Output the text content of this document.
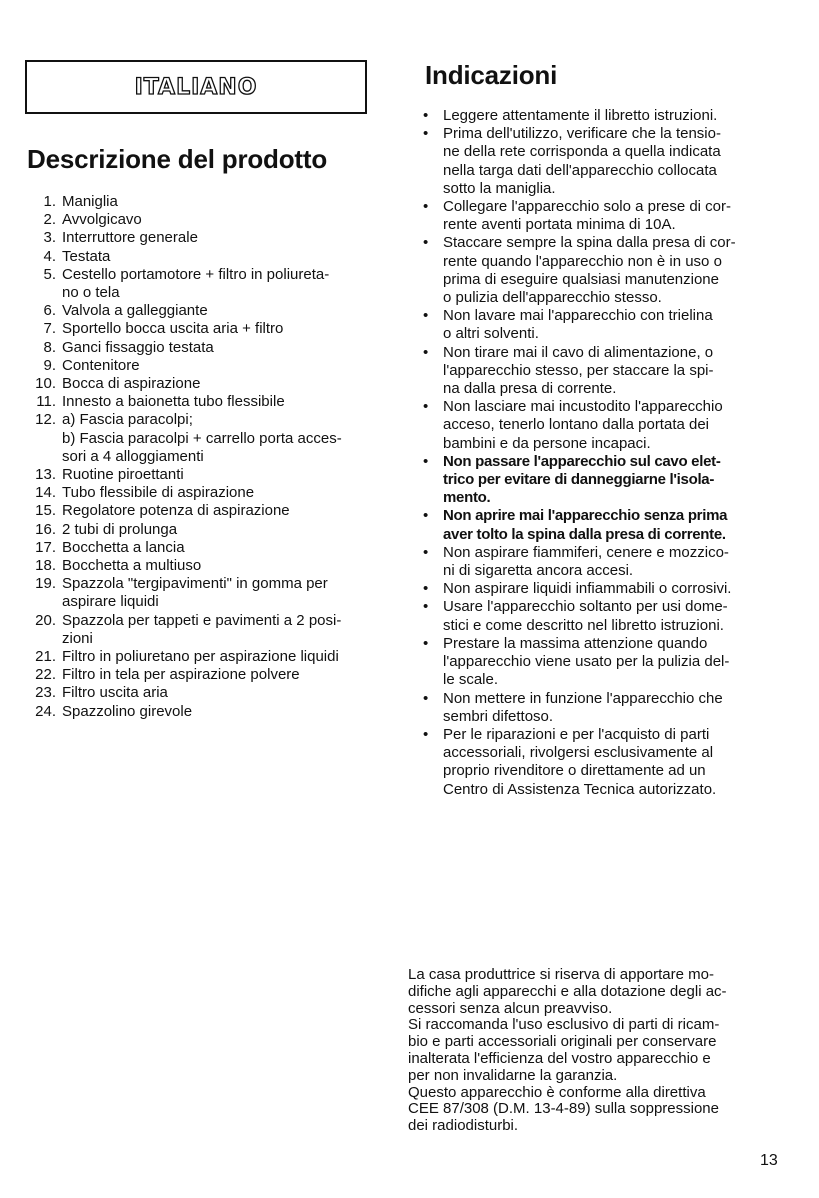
ITALIANO
Descrizione del prodotto
1. Maniglia
2. Avvolgicavo
3. Interruttore generale
4. Testata
5. Cestello portamotore + filtro in poliureta-
no o tela
6. Valvola a galleggiante
7. Sportello bocca uscita aria + filtro
8. Ganci fissaggio testata
9. Contenitore
10. Bocca di aspirazione
11. Innesto a baionetta tubo flessibile
12. a) Fascia paracolpi;
b) Fascia paracolpi + carrello porta acces-
sori a 4 alloggiamenti
13. Ruotine piroettanti
14. Tubo flessibile di aspirazione
15. Regolatore potenza di aspirazione
16. 2 tubi di prolunga
17. Bocchetta a lancia
18. Bocchetta a multiuso
19. Spazzola "tergipavimenti" in gomma per
aspirare liquidi
20. Spazzola per tappeti e pavimenti a 2 posi-
zioni
21. Filtro in poliuretano per aspirazione liquidi
22. Filtro in tela per aspirazione polvere
23. Filtro uscita aria
24. Spazzolino girevole
Indicazioni
• Leggere attentamente il libretto istruzioni.
• Prima dell'utilizzo, verificare che la tensio-
ne della rete corrisponda a quella indicata
nella targa dati dell'apparecchio collocata
sotto la maniglia.
• Collegare l'apparecchio solo a prese di cor-
rente aventi portata minima di 10A.
• Staccare sempre la spina dalla presa di cor-
rente quando l'apparecchio non è in uso o
prima di eseguire qualsiasi manutenzione
o pulizia dell'apparecchio stesso.
• Non lavare mai l'apparecchio con trielina
o altri solventi.
• Non tirare mai il cavo di alimentazione, o
l'apparecchio stesso, per staccare la spi-
na dalla presa di corrente.
• Non lasciare mai incustodito l'apparecchio
acceso, tenerlo lontano dalla portata dei
bambini e da persone incapaci.
• Non passare l'apparecchio sul cavo elet-
trico per evitare di danneggiarne l'isola-
mento.
• Non aprire mai l'apparecchio senza prima
aver tolto la spina dalla presa di corrente.
• Non aspirare fiammiferi, cenere e mozzico-
ni di sigaretta ancora accesi.
• Non aspirare liquidi infiammabili o corrosivi.
• Usare l'apparecchio soltanto per usi dome-
stici e come descritto nel libretto istruzioni.
• Prestare la massima attenzione quando
l'apparecchio viene usato per la pulizia del-
le scale.
• Non mettere in funzione l'apparecchio che
sembri difettoso.
• Per le riparazioni e per l'acquisto di parti
accessoriali, rivolgersi esclusivamente al
proprio rivenditore o direttamente ad un
Centro di Assistenza Tecnica autorizzato.

La casa produttrice si riserva di apportare mo-
difiche agli apparecchi e alla dotazione degli ac-
cessori senza alcun preavviso.

Si raccomanda l'uso esclusivo di parti di ricam-
bio e parti accessoriali originali per conservare
inalterata l'efficienza del vostro apparecchio e
per non invalidarne la garanzia.

Questo apparecchio è conforme alla direttiva
CEE 87/308 (D.M. 13-4-89) sulla soppressione
dei radiodisturbi.

13
